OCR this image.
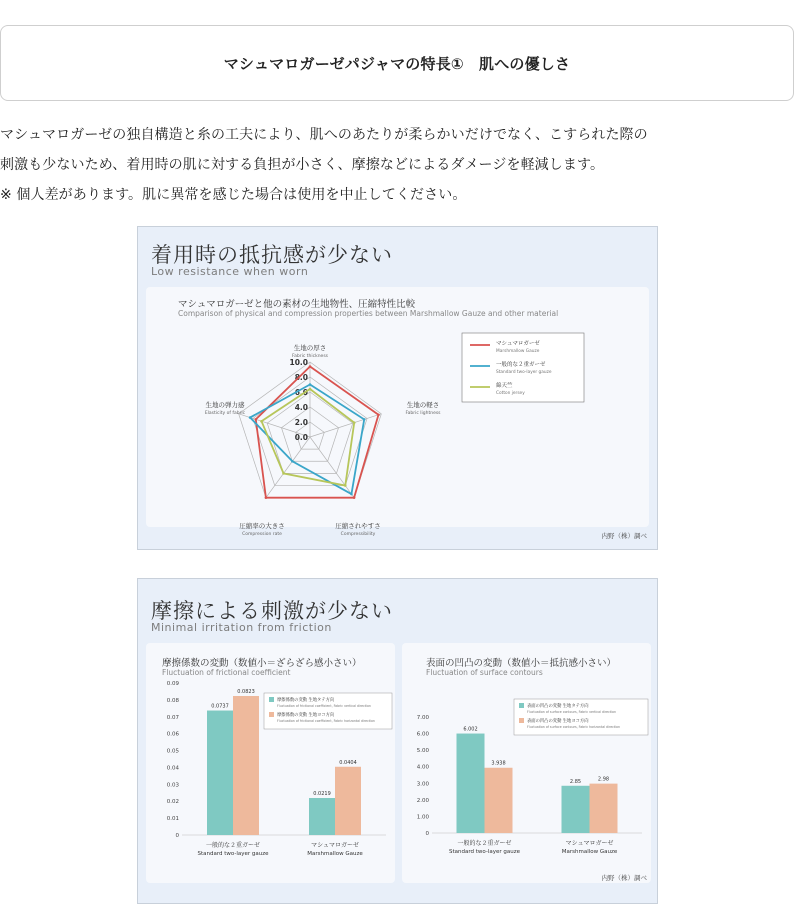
マシュマロガーゼパジャマの特長①　肌への優しさ
マシュマロガーゼの独自構造と糸の工夫により、肌へのあたりが柔らかいだけでなく、こすられた際の
刺激も少ないため、着用時の肌に対する負担が小さく、摩擦などによるダメージを軽減します。
※ 個人差があります。肌に異常を感じた場合は使用を中止してください。
着用時の抵抗感が少ない
Low resistance when worn
マシュマロガーゼと他の素材の生地物性、圧縮特性比較
Comparison of physical and compression properties between Marshmallow Gauze and other material
0.0
2.0
4.0
6.0
8.0
10.0
生地の厚さ
Fabric thickness
生地の軽さ
Fabric lightness
圧縮されやすさ
Compressibility
圧縮率の大きさ
Compression rate
生地の弾力感
Elasticity of fabric
マシュマロガーゼ
Marshmallow Gauze
一般的な２重ガーゼ
Standard two-layer gauze
綿天竺
Cotton jersey
内野（株）調べ
摩擦による刺激が少ない
Minimal irritation from friction
摩擦係数の変動（数値小＝ざらざら感小さい）
Fluctuation of frictional coefficient
0
0.01
0.02
0.03
0.04
0.05
0.06
0.07
0.08
0.09
0.0737
0.0823
一般的な２重ガーゼ
Standard two-layer gauze
0.0219
0.0404
マシュマロガーゼ
Marshmallow Gauze
摩擦係数の変動 生地タテ方向
Fluctuation of frictional coefficient, Fabric vertical direction
摩擦係数の変動 生地ヨコ方向
Fluctuation of frictional coefficient, Fabric horizontal direction
表面の凹凸の変動（数値小＝抵抗感小さい）
Fluctuation of surface contours
0
1.00
2.00
3.00
4.00
5.00
6.00
7.00
6.002
3.938
一般的な２重ガーゼ
Standard two-layer gauze
2.85	2.98
マシュマロガーゼ
Marshmallow Gauze
表面の凹凸の変動 生地タテ方向
Fluctuation of surface contours, Fabric vertical direction
表面の凹凸の変動 生地ヨコ方向
Fluctuation of surface contours, Fabric horizontal direction
内野（株）調べ
